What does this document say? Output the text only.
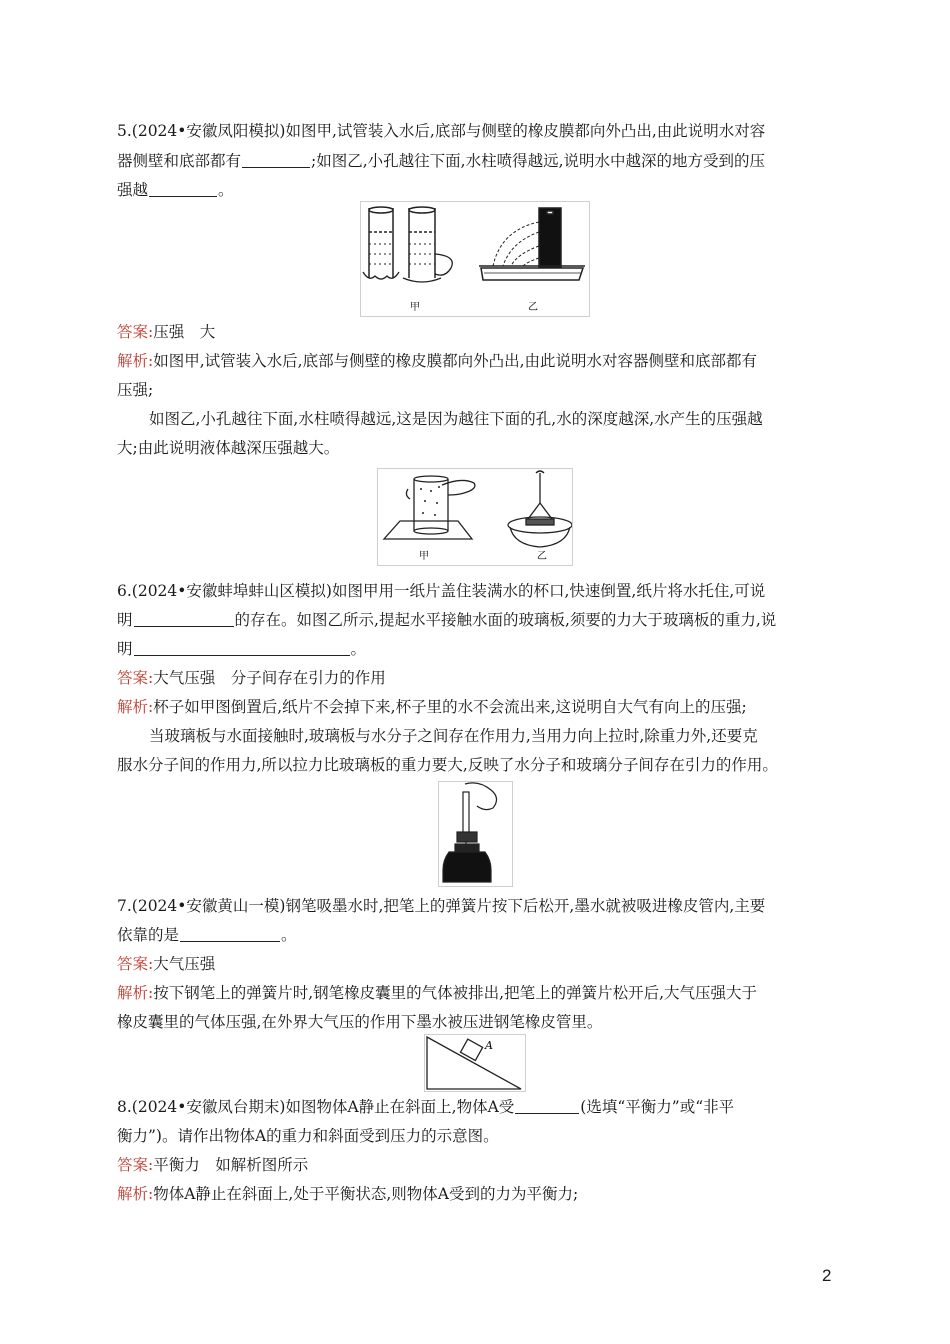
5.(2024•安徽凤阳模拟)如图甲,试管装入水后,底部与侧壁的橡皮膜都向外凸出,由此说明水对容
器侧壁和底部都有	;如图乙,小孔越往下面,水柱喷得越远,说明水中越深的地方受到的压
强越	。
甲	乙
答案:压强　大
解析:如图甲,试管装入水后,底部与侧壁的橡皮膜都向外凸出,由此说明水对容器侧壁和底部都有
压强;
如图乙,小孔越往下面,水柱喷得越远,这是因为越往下面的孔,水的深度越深,水产生的压强越
大;由此说明液体越深压强越大。
甲	乙
6.(2024•安徽蚌埠蚌山区模拟)如图甲用一纸片盖住装满水的杯口,快速倒置,纸片将水托住,可说
明	的存在。如图乙所示,提起水平接触水面的玻璃板,须要的力大于玻璃板的重力,说
明	。
答案:大气压强　分子间存在引力的作用
解析:杯子如甲图倒置后,纸片不会掉下来,杯子里的水不会流出来,这说明自大气有向上的压强;
当玻璃板与水面接触时,玻璃板与水分子之间存在作用力,当用力向上拉时,除重力外,还要克
服水分子间的作用力,所以拉力比玻璃板的重力要大,反映了水分子和玻璃分子间存在引力的作用。
7.(2024•安徽黄山一模)钢笔吸墨水时,把笔上的弹簧片按下后松开,墨水就被吸进橡皮管内,主要
依靠的是	。
答案:大气压强
解析:按下钢笔上的弹簧片时,钢笔橡皮囊里的气体被排出,把笔上的弹簧片松开后,大气压强大于
橡皮囊里的气体压强,在外界大气压的作用下墨水被压进钢笔橡皮管里。
A
8.(2024•安徽凤台期末)如图物体A静止在斜面上,物体A受	(选填“平衡力”或“非平
衡力”)。请作出物体A的重力和斜面受到压力的示意图。
答案:平衡力　如解析图所示
解析:物体A静止在斜面上,处于平衡状态,则物体A受到的力为平衡力;
2
